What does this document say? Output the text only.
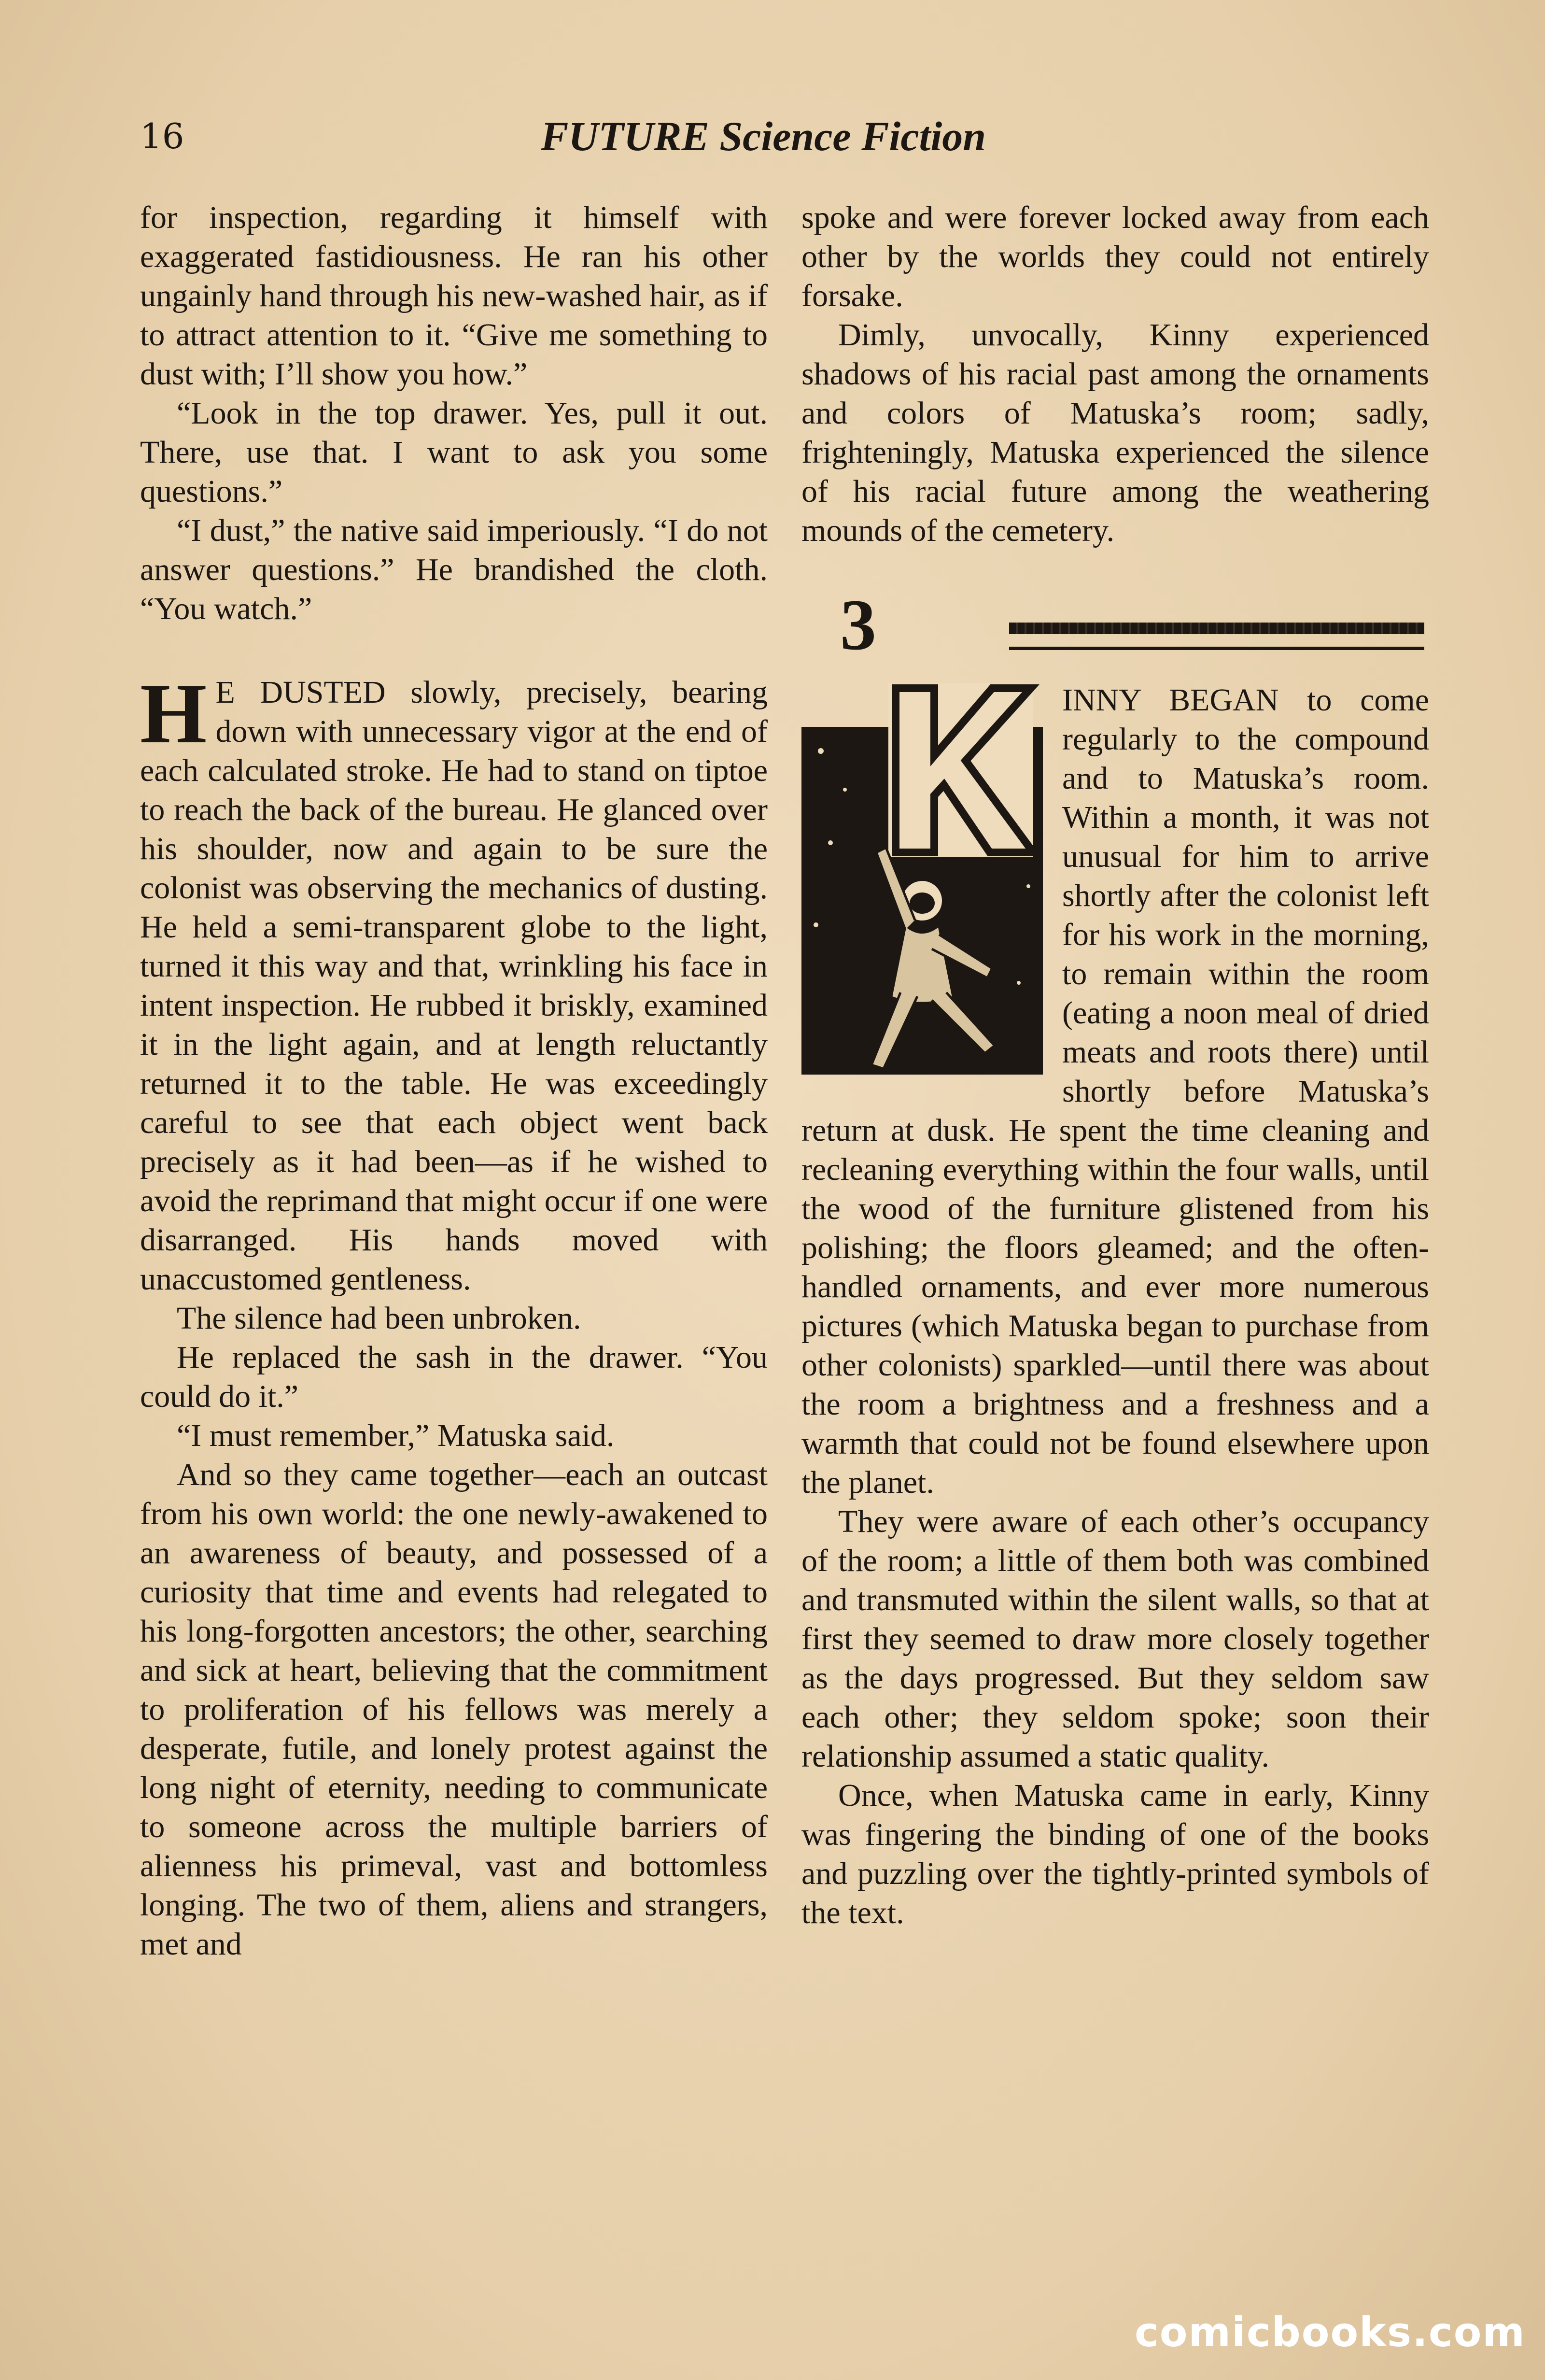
16	FUTURE Science Fiction

for inspection, regarding it himself with exaggerated fastidiousness. He ran his other ungainly hand through his new-washed hair, as if to attract attention to it. “Give me something to dust with; I’ll show you how.”

“Look in the top drawer. Yes, pull it out. There, use that. I want to ask you some questions.”

“I dust,” the native said imperiously. “I do not answer questions.” He brandished the cloth. “You watch.”

H E DUSTED slowly, precisely, bearing down with unnecessary vigor at the end of each calculated stroke. He had to stand on tiptoe to reach the back of the bureau. He glanced over his shoulder, now and again to be sure the colonist was observing the mechanics of dusting. He held a semi-transparent globe to the light, turned it this way and that, wrinkling his face in intent inspection. He rubbed it briskly, examined it in the light again, and at length reluctantly returned it to the table. He was exceedingly careful to see that each object went back precisely as it had been—as if he wished to avoid the reprimand that might occur if one were disarranged. His hands moved with unaccustomed gentleness.

The silence had been unbroken.

He replaced the sash in the drawer. “You could do it.”

“I must remember,” Matuska said.

And so they came together—each an outcast from his own world: the one newly-awakened to an awareness of beauty, and possessed of a curiosity that time and events had relegated to his long-forgotten ancestors; the other, searching and sick at heart, believing that the commitment to proliferation of his fellows was merely a desperate, futile, and lonely protest against the long night of eternity, needing to communicate to someone across the multiple barriers of alienness his primeval, vast and bottomless longing. The two of them, aliens and strangers, met and

spoke and were forever locked away from each other by the worlds they could not entirely forsake.

Dimly, unvocally, Kinny experienced shadows of his racial past among the ornaments and colors of Matuska’s room; sadly, frighteningly, Matuska experienced the silence of his racial future among the weathering mounds of the cemetery.

3

INNY BEGAN to come regularly to the compound and to Matuska’s room. Within a month, it was not unusual for him to arrive shortly after the colonist left for his work in the morning, to remain within the room (eating a noon meal of dried meats and roots there) until shortly before Matuska’s return at dusk. He spent the time cleaning and recleaning everything within the four walls, until the wood of the furniture glistened from his polishing; the floors gleamed; and the often-handled ornaments, and ever more numerous pictures (which Matuska began to purchase from other colonists) sparkled—until there was about the room a brightness and a freshness and a warmth that could not be found elsewhere upon the planet.

They were aware of each other’s occupancy of the room; a little of them both was combined and transmuted within the silent walls, so that at first they seemed to draw more closely together as the days progressed. But they seldom saw each other; they seldom spoke; soon their relationship assumed a static quality.

Once, when Matuska came in early, Kinny was fingering the binding of one of the books and puzzling over the tightly-printed symbols of the text.

comicbooks.com
